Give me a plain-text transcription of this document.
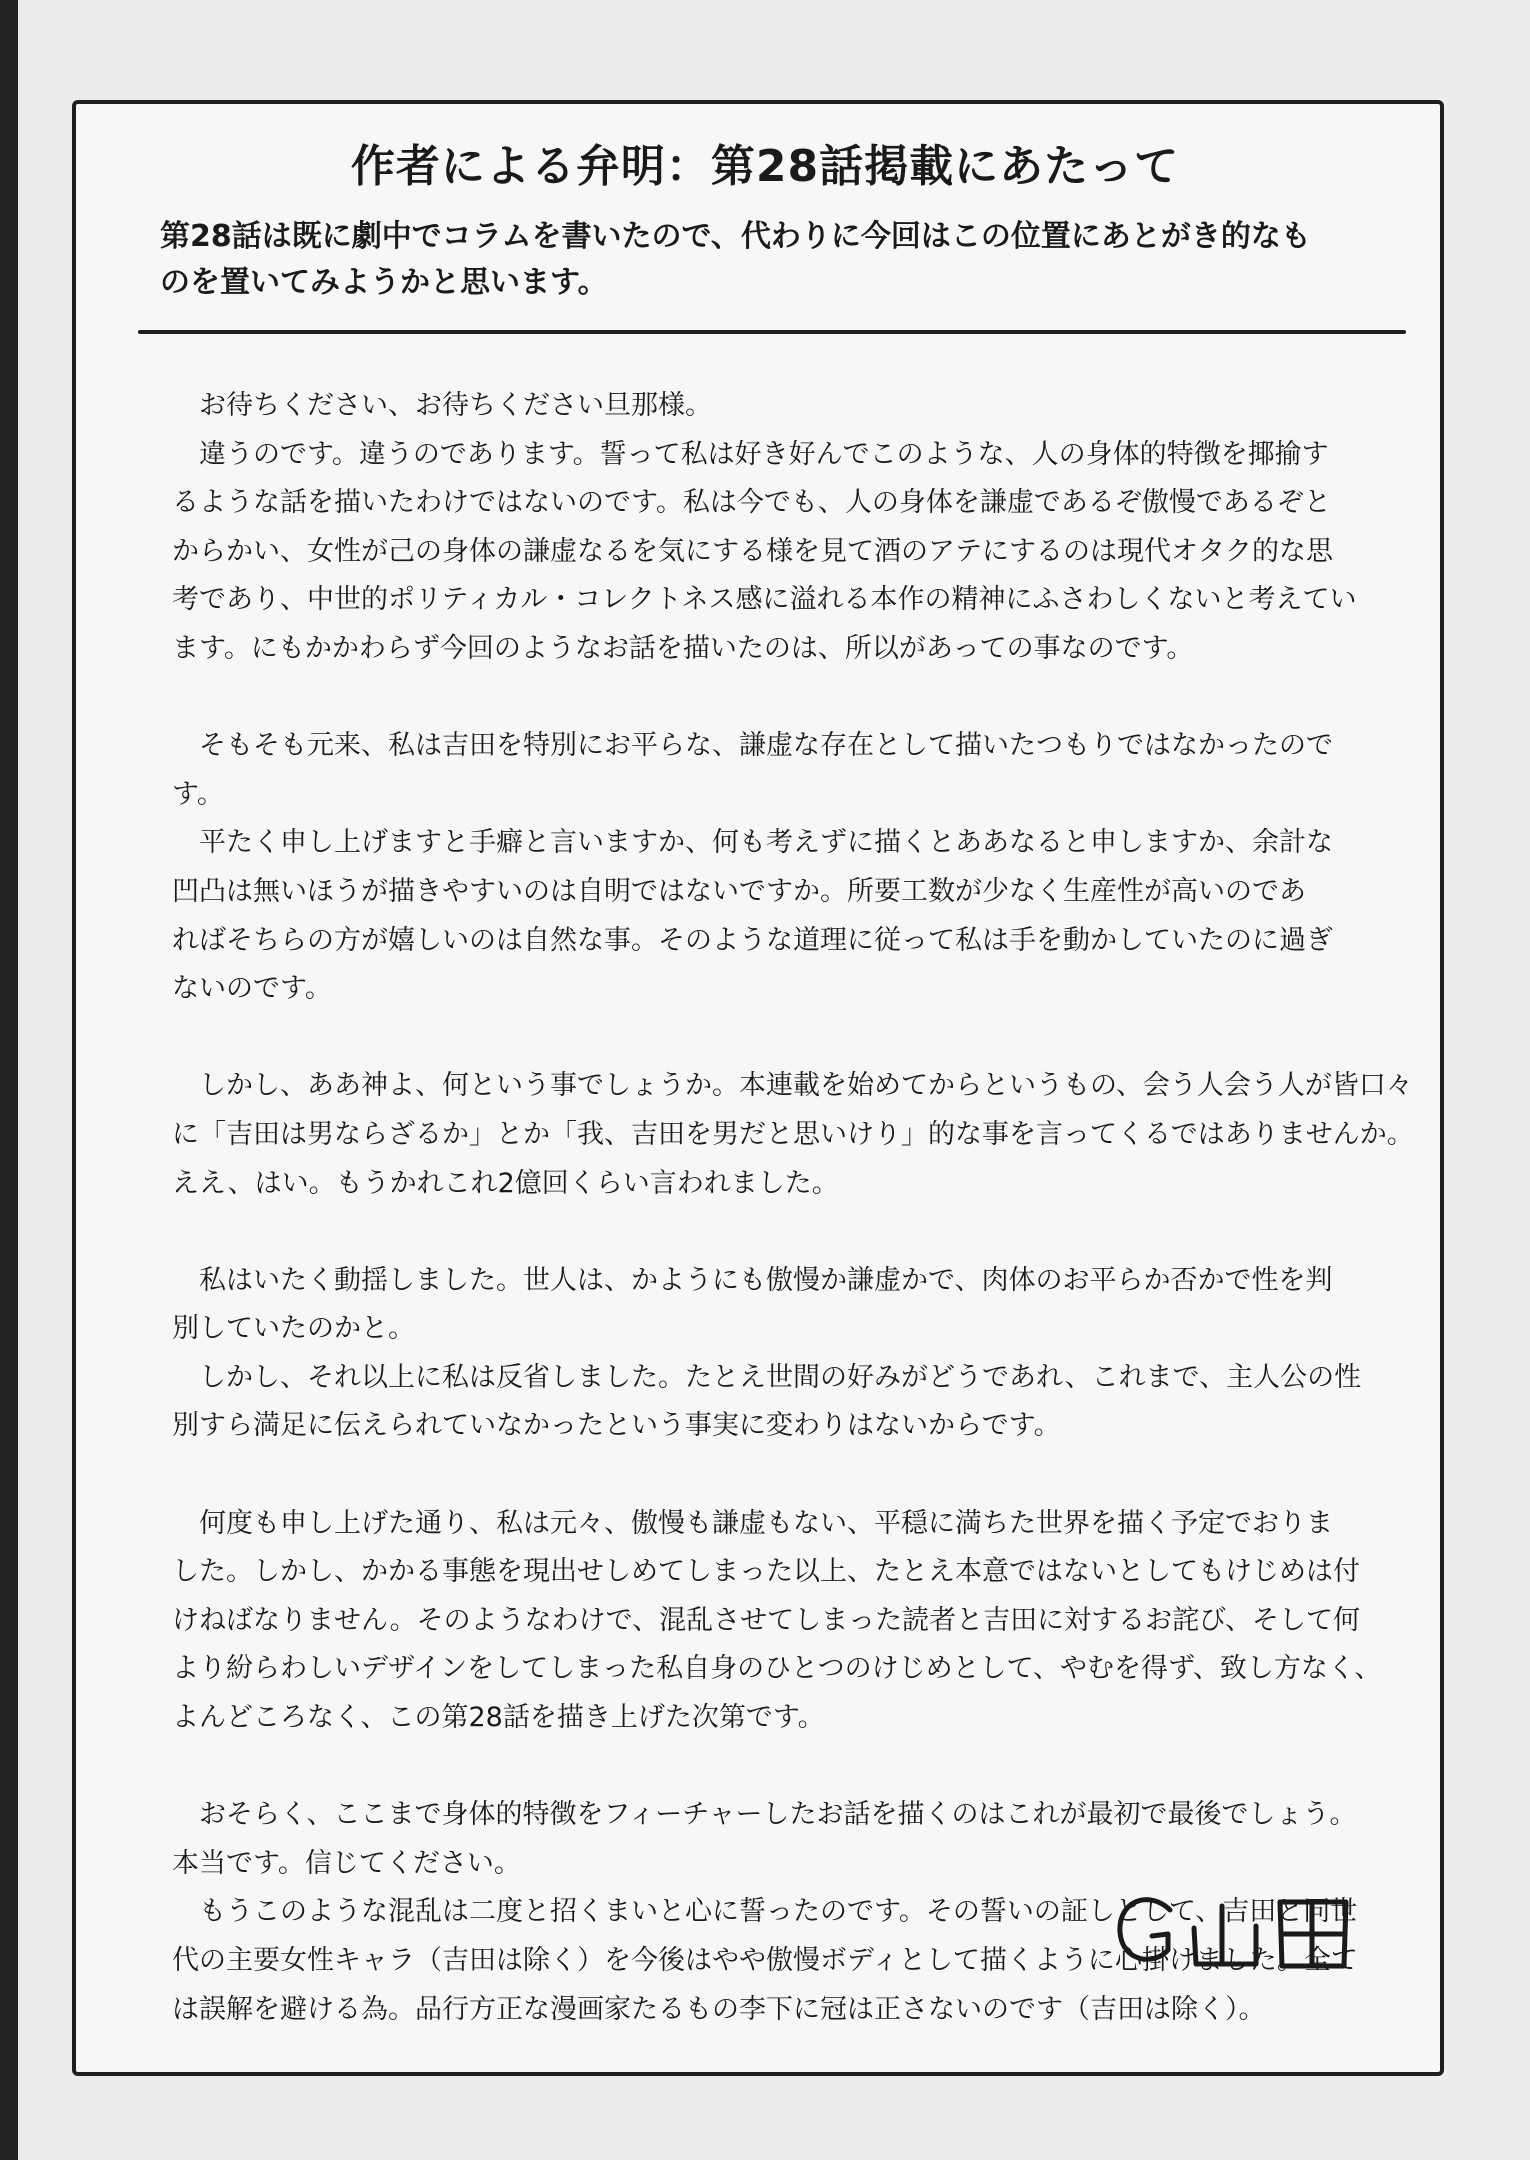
作者による弁明：第28話掲載にあたって
第28話は既に劇中でコラムを書いたので、代わりに今回はこの位置にあとがき的なも
のを置いてみようかと思います。
　お待ちください、お待ちください旦那様。
　違うのです。違うのであります。誓って私は好き好んでこのような、人の身体的特徴を揶揄す
るような話を描いたわけではないのです。私は今でも、人の身体を謙虚であるぞ傲慢であるぞと
からかい、女性が己の身体の謙虚なるを気にする様を見て酒のアテにするのは現代オタク的な思
考であり、中世的ポリティカル・コレクトネス感に溢れる本作の精神にふさわしくないと考えてい
ます。にもかかわらず今回のようなお話を描いたのは、所以があっての事なのです。
　そもそも元来、私は吉田を特別にお平らな、謙虚な存在として描いたつもりではなかったので
す。
　平たく申し上げますと手癖と言いますか、何も考えずに描くとああなると申しますか、余計な
凹凸は無いほうが描きやすいのは自明ではないですか。所要工数が少なく生産性が高いのであ
ればそちらの方が嬉しいのは自然な事。そのような道理に従って私は手を動かしていたのに過ぎ
ないのです。
　しかし、ああ神よ、何という事でしょうか。本連載を始めてからというもの、会う人会う人が皆口々
に「吉田は男ならざるか」とか「我、吉田を男だと思いけり」的な事を言ってくるではありませんか。
ええ、はい。もうかれこれ2億回くらい言われました。
　私はいたく動揺しました。世人は、かようにも傲慢か謙虚かで、肉体のお平らか否かで性を判
別していたのかと。
　しかし、それ以上に私は反省しました。たとえ世間の好みがどうであれ、これまで、主人公の性
別すら満足に伝えられていなかったという事実に変わりはないからです。
　何度も申し上げた通り、私は元々、傲慢も謙虚もない、平穏に満ちた世界を描く予定でおりま
した。しかし、かかる事態を現出せしめてしまった以上、たとえ本意ではないとしてもけじめは付
けねばなりません。そのようなわけで、混乱させてしまった読者と吉田に対するお詫び、そして何
より紛らわしいデザインをしてしまった私自身のひとつのけじめとして、やむを得ず、致し方なく、
よんどころなく、この第28話を描き上げた次第です。
　おそらく、ここまで身体的特徴をフィーチャーしたお話を描くのはこれが最初で最後でしょう。
本当です。信じてください。
　もうこのような混乱は二度と招くまいと心に誓ったのです。その誓いの証しとして、吉田と同世
代の主要女性キャラ（吉田は除く）を今後はやや傲慢ボディとして描くように心掛けました。全て
は誤解を避ける為。品行方正な漫画家たるもの李下に冠は正さないのです（吉田は除く）。
